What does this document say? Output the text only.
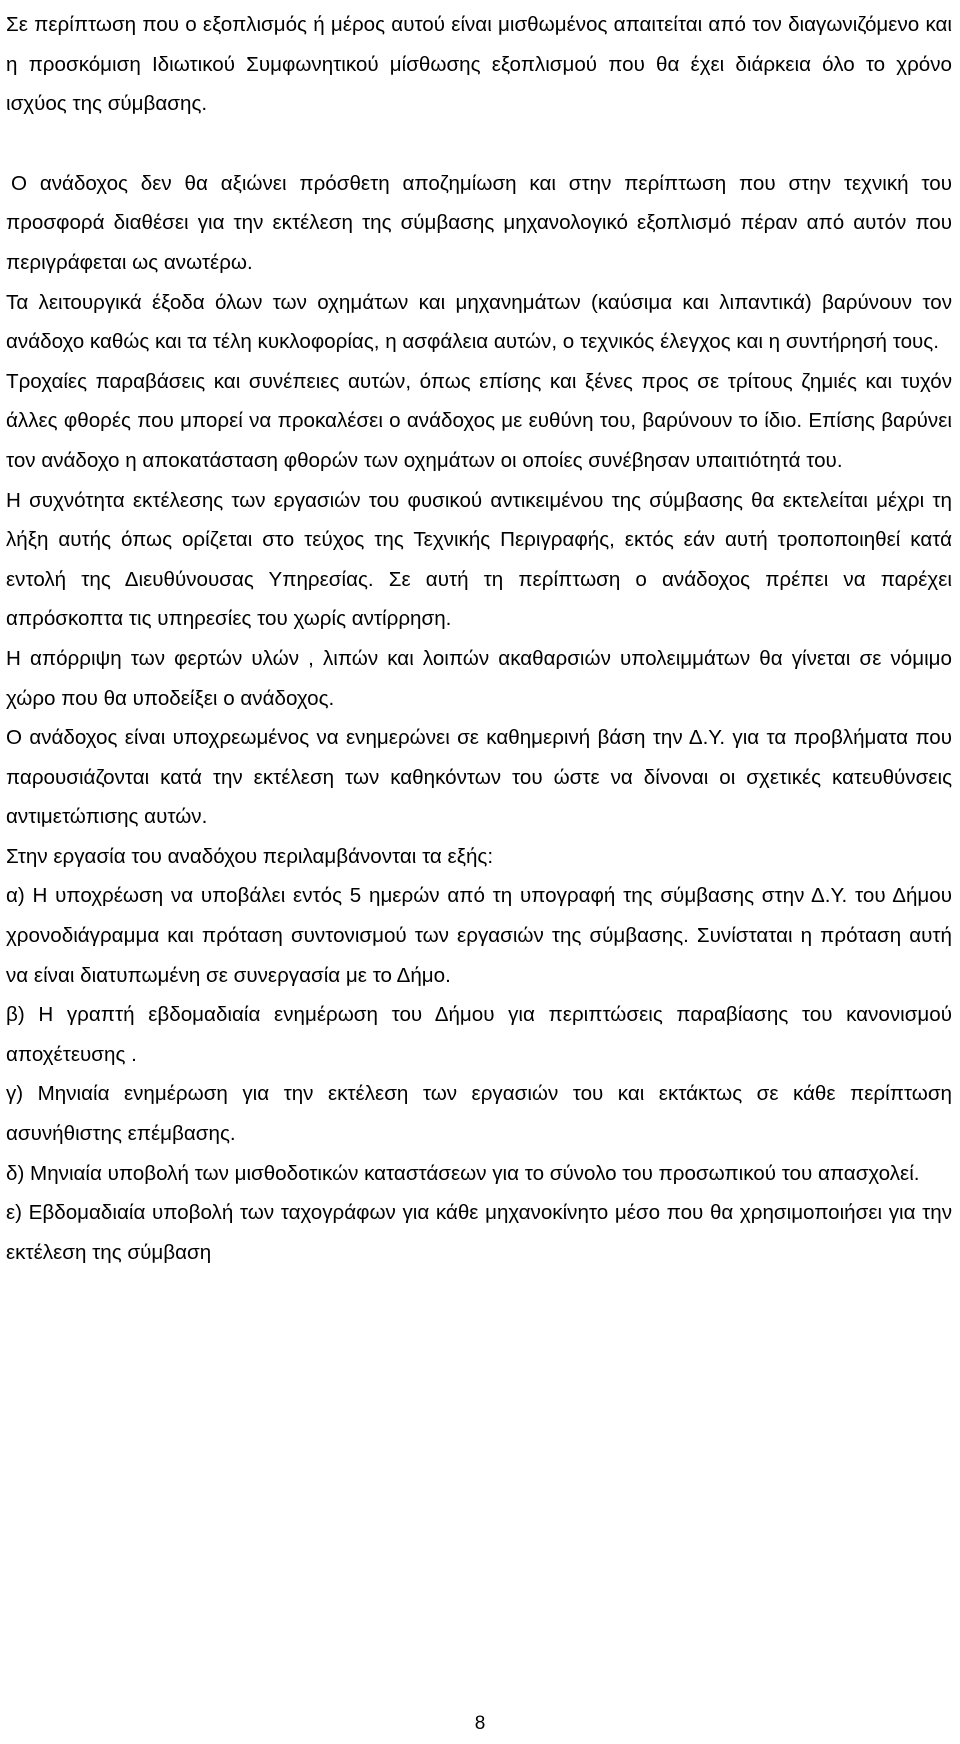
Σε περίπτωση που ο εξοπλισμός ή μέρος αυτού είναι μισθωμένος απαιτείται από τον διαγωνιζόμενο και η προσκόμιση Ιδιωτικού Συμφωνητικού μίσθωσης εξοπλισμού που θα έχει διάρκεια όλο το χρόνο ισχύος της σύμβασης.

Ο ανάδοχος δεν θα αξιώνει πρόσθετη αποζημίωση και στην περίπτωση που στην τεχνική του προσφορά διαθέσει για την εκτέλεση της σύμβασης μηχανολογικό εξοπλισμό πέραν από αυτόν που περιγράφεται ως ανωτέρω.

Τα λειτουργικά έξοδα όλων των οχημάτων και μηχανημάτων (καύσιμα και λιπαντικά) βαρύνουν τον ανάδοχο καθώς και τα τέλη κυκλοφορίας, η ασφάλεια αυτών, ο τεχνικός έλεγχος και η συντήρησή τους.

Τροχαίες παραβάσεις και συνέπειες αυτών, όπως επίσης και ξένες προς σε τρίτους ζημιές και τυχόν άλλες φθορές που μπορεί να προκαλέσει ο ανάδοχος με ευθύνη του, βαρύνουν το ίδιο. Επίσης βαρύνει τον ανάδοχο η αποκατάσταση φθορών των οχημάτων οι οποίες συνέβησαν υπαιτιότητά του.

Η συχνότητα εκτέλεσης των εργασιών του φυσικού αντικειμένου της σύμβασης θα εκτελείται μέχρι τη λήξη αυτής όπως ορίζεται στο τεύχος της Τεχνικής Περιγραφής, εκτός εάν αυτή τροποποιηθεί κατά εντολή της Διευθύνουσας Υπηρεσίας. Σε αυτή τη περίπτωση ο ανάδοχος πρέπει να παρέχει απρόσκοπτα τις υπηρεσίες του χωρίς αντίρρηση.

Η απόρριψη των φερτών υλών , λιπών και λοιπών ακαθαρσιών υπολειμμάτων θα γίνεται σε νόμιμο χώρο που θα υποδείξει ο ανάδοχος.

Ο ανάδοχος είναι υποχρεωμένος να ενημερώνει σε καθημερινή βάση την Δ.Υ. για τα προβλήματα που παρουσιάζονται κατά την εκτέλεση των καθηκόντων του ώστε να δίνοναι οι σχετικές κατευθύνσεις αντιμετώπισης αυτών.

Στην εργασία του αναδόχου περιλαμβάνονται τα εξής:

α) Η υποχρέωση να υποβάλει εντός 5 ημερών από τη υπογραφή της σύμβασης στην Δ.Υ. του Δήμου χρονοδιάγραμμα και πρόταση συντονισμού των εργασιών της σύμβασης. Συνίσταται η πρόταση αυτή να είναι διατυπωμένη σε συνεργασία με το Δήμο.

β) Η γραπτή εβδομαδιαία ενημέρωση του Δήμου για περιπτώσεις παραβίασης του κανονισμού αποχέτευσης .

γ) Μηνιαία ενημέρωση για την εκτέλεση των εργασιών του και εκτάκτως σε κάθε περίπτωση ασυνήθιστης επέμβασης.

δ) Μηνιαία υποβολή των μισθοδοτικών καταστάσεων για το σύνολο του προσωπικού του απασχολεί.

ε) Εβδομαδιαία υποβολή των ταχογράφων για κάθε μηχανοκίνητο μέσο που θα χρησιμοποιήσει για την εκτέλεση της σύμβαση

8
